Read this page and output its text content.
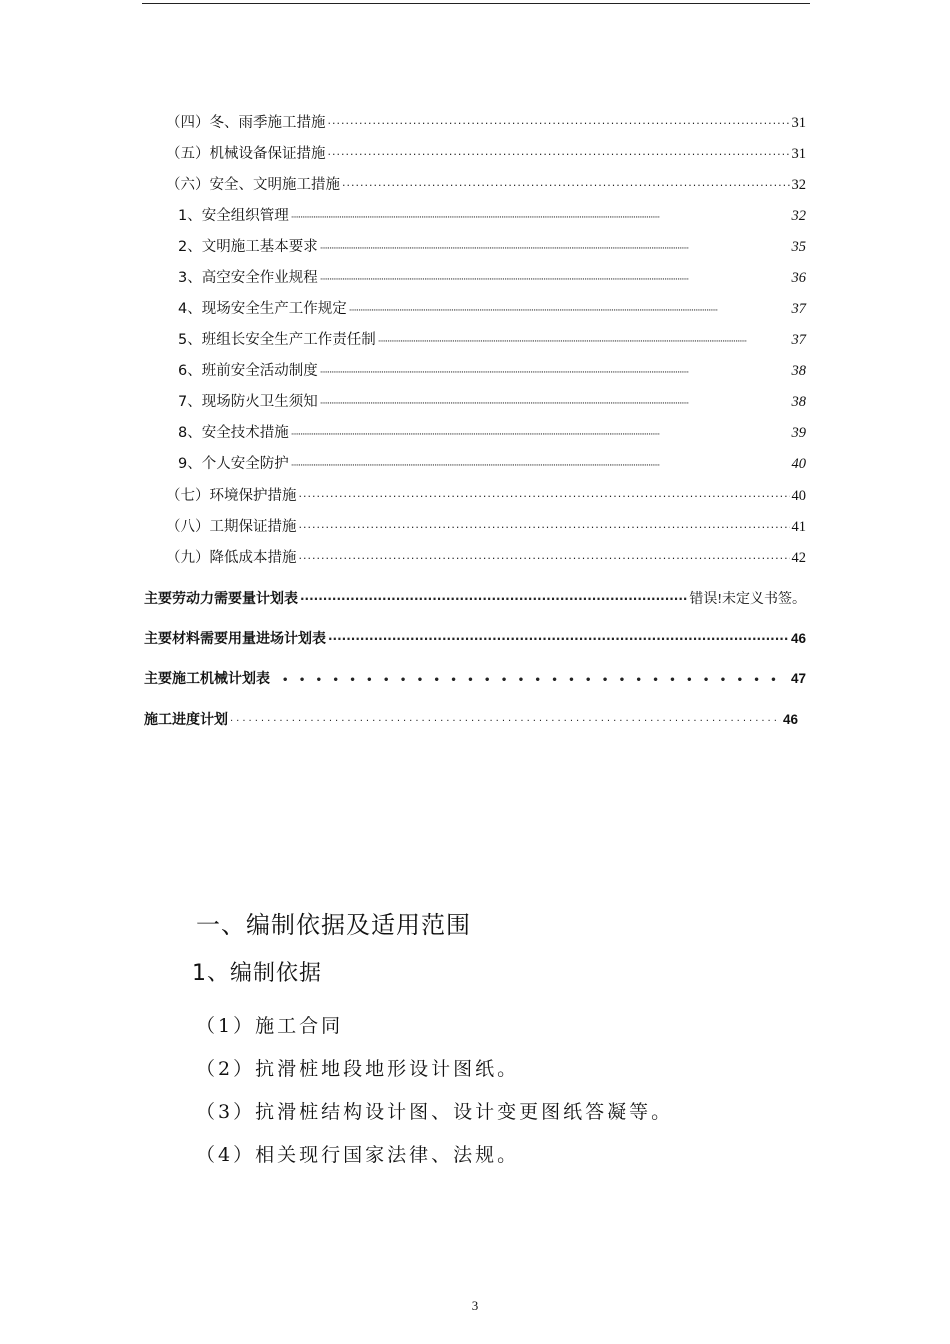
（四）冬、雨季施工措施 ·····	31
（五）机械设备保证措施 ·····	31
（六）安全、文明施工措施 ·····	32
1、安全组织管理 ·····	32
2、文明施工基本要求 ·····	35
3、高空安全作业规程 ·····	36
4、现场安全生产工作规定 ·····	37
5、班组长安全生产工作责任制 ·····	37
6、班前安全活动制度 ·····	38
7、现场防火卫生须知 ·····	38
8、安全技术措施 ·····	39
9、个人安全防护 ·····	40
（七）环境保护措施 ·····	40
（八）工期保证措施 ·····	41
（九）降低成本措施 ·····	42
主要劳动力需要量计划表 ·····	错误!未定义书签。
主要材料需要用量进场计划表 ·····	46
主要施工机械计划表 • •	47
施工进度计划 ·····	46
一、编制依据及适用范围
1、编制依据
（1）施工合同
（2）抗滑桩地段地形设计图纸。
（3）抗滑桩结构设计图、设计变更图纸答凝等。
（4）相关现行国家法律、法规。
3
